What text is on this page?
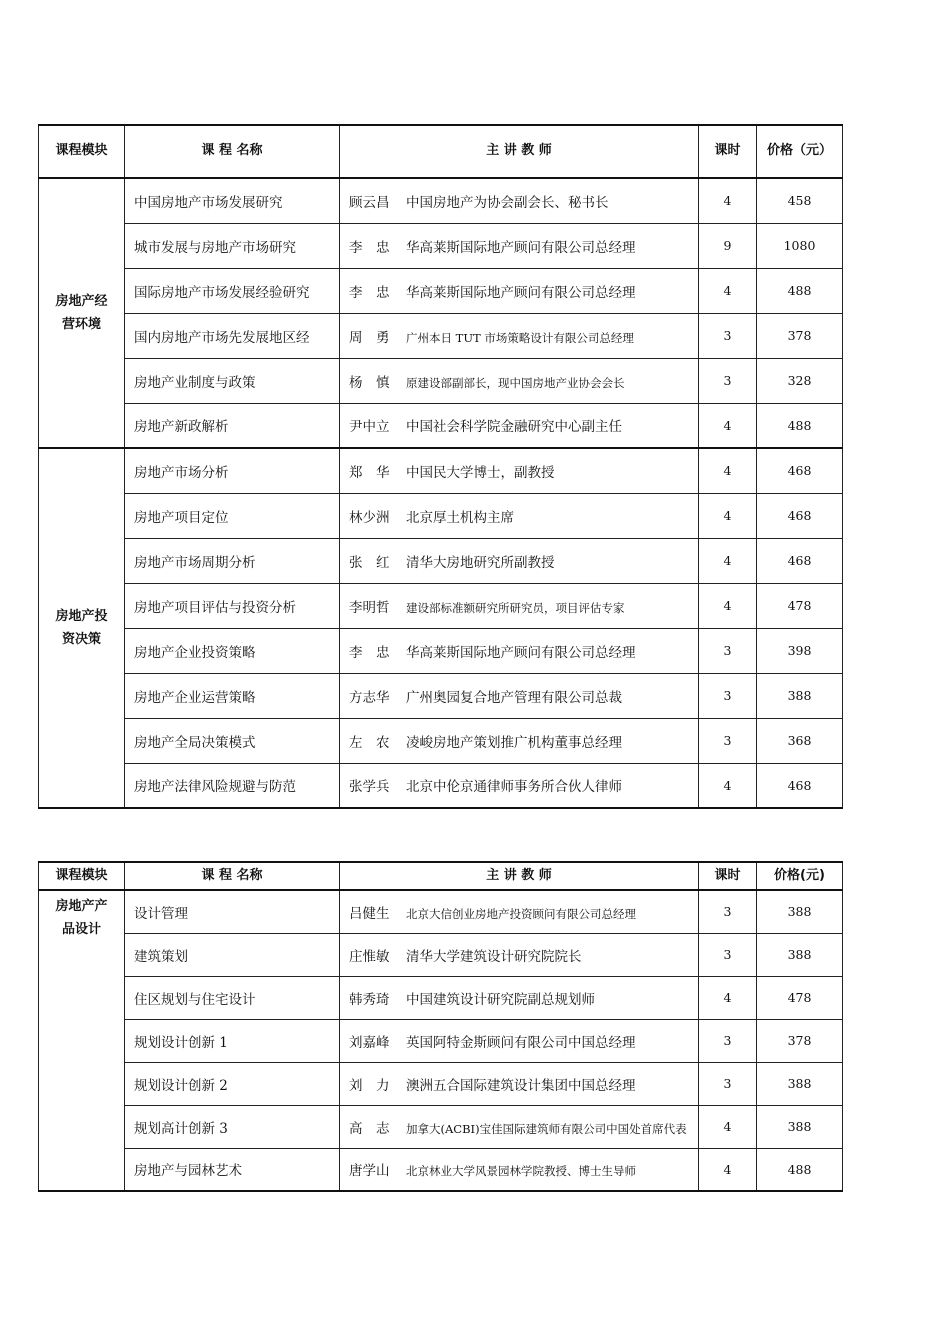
课程模块	课 程 名称	主 讲 教 师	课时	价格（元）
房地产经营环境	中国房地产市场发展研究	顾云昌 中国房地产为协会副会长、秘书长	4	458
	城市发展与房地产市场研究	李　忠 华高莱斯国际地产顾问有限公司总经理	9	1080
	国际房地产市场发展经验研究	李　忠 华高莱斯国际地产顾问有限公司总经理	4	488
	国内房地产市场先发展地区经	周　勇 广州本日 TUT 市场策略设计有限公司总经理	3	378
	房地产业制度与政策	杨　慎 原建设部副部长，现中国房地产业协会会长	3	328
	房地产新政解析	尹中立 中国社会科学院金融研究中心副主任	4	488
房地产投资决策	房地产市场分析	郑　华 中国民大学博士，副教授	4	468
	房地产项目定位	林少洲 北京厚土机构主席	4	468
	房地产市场周期分析	张　红 清华大房地研究所副教授	4	468
	房地产项目评估与投资分析	李明哲 建设部标准额研究所研究员，项目评估专家	4	478
	房地产企业投资策略	李　忠 华高莱斯国际地产顾问有限公司总经理	3	398
	房地产企业运营策略	方志华 广州奥园复合地产管理有限公司总裁	3	388
	房地产全局决策模式	左　农 凌峻房地产策划推广机构董事总经理	3	368
	房地产法律风险规避与防范	张学兵 北京中伦京通律师事务所合伙人律师	4	468
课程模块	课 程 名称	主 讲 教 师	课时	价格(元)
房地产产品设计	设计管理	吕健生 北京大信创业房地产投资顾问有限公司总经理	3	388
	建筑策划	庄惟敏 清华大学建筑设计研究院院长	3	388
	住区规划与住宅设计	韩秀琦 中国建筑设计研究院副总规划师	4	478
	规划设计创新 1	刘嘉峰 英国阿特金斯顾问有限公司中国总经理	3	378
	规划设计创新 2	刘　力 澳洲五合国际建筑设计集团中国总经理	3	388
	规划高计创新 3	高　志 加拿大(ACBI)宝佳国际建筑师有限公司中国处首席代表	4	388
	房地产与园林艺术	唐学山 北京林业大学风景园林学院教授、博士生导师	4	488
